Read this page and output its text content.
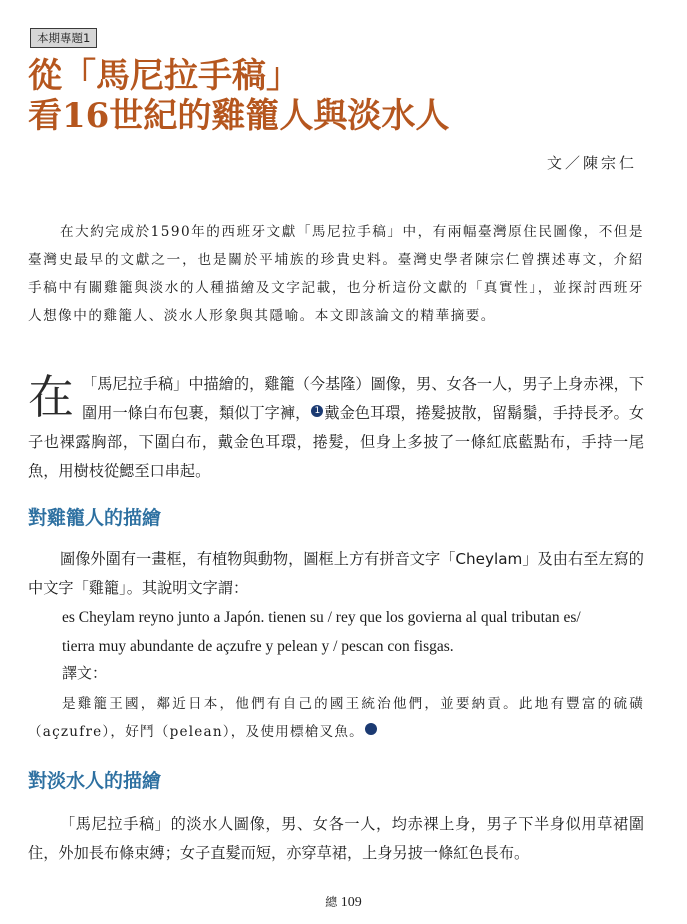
本期專題1
從「馬尼拉手稿」
看16世紀的雞籠人與淡水人
文／陳宗仁

在大約完成於1590年的西班牙文獻「馬尼拉手稿」中，有兩幅臺灣原住民圖像，不但是臺灣史最早的文獻之一，也是關於平埔族的珍貴史料。臺灣史學者陳宗仁曾撰述專文，介紹手稿中有關雞籠與淡水的人種描繪及文字記載，也分析這份文獻的「真實性」，並探討西班牙人想像中的雞籠人、淡水人形象與其隱喻。本文即該論文的精華摘要。

在 「馬尼拉手稿」中描繪的，雞籠（今基隆）圖像，男、女各一人，男子上身赤裸，下圍用一條白布包裹，類似丁字褲， 1 戴金色耳環，捲髮披散，留鬍鬚，手持長矛。女子也裸露胸部，下圍白布，戴金色耳環，捲髮，但身上多披了一條紅底藍點布，手持一尾魚，用樹枝從鰓至口串起。

對雞籠人的描繪

圖像外圍有一畫框，有植物與動物，圖框上方有拼音文字「Cheylam」及由右至左寫的中文字「雞籠」。其說明文字謂：

es Cheylam reyno junto a Japón. tienen su / rey que los govierna al qual tributan es/

tierra muy abundante de açzufre y pelean y / pescan con fisgas.

譯文：

是雞籠王國，鄰近日本，他們有自己的國王統治他們，並要納貢。此地有豐富的硫磺（açzufre），好鬥（pelean），及使用標槍叉魚。	2

對淡水人的描繪

「馬尼拉手稿」的淡水人圖像，男、女各一人，均赤裸上身，男子下半身似用草裙圍住，外加長布條束縛；女子直髮而短，亦穿草裙，上身另披一條紅色長布。

總 109
